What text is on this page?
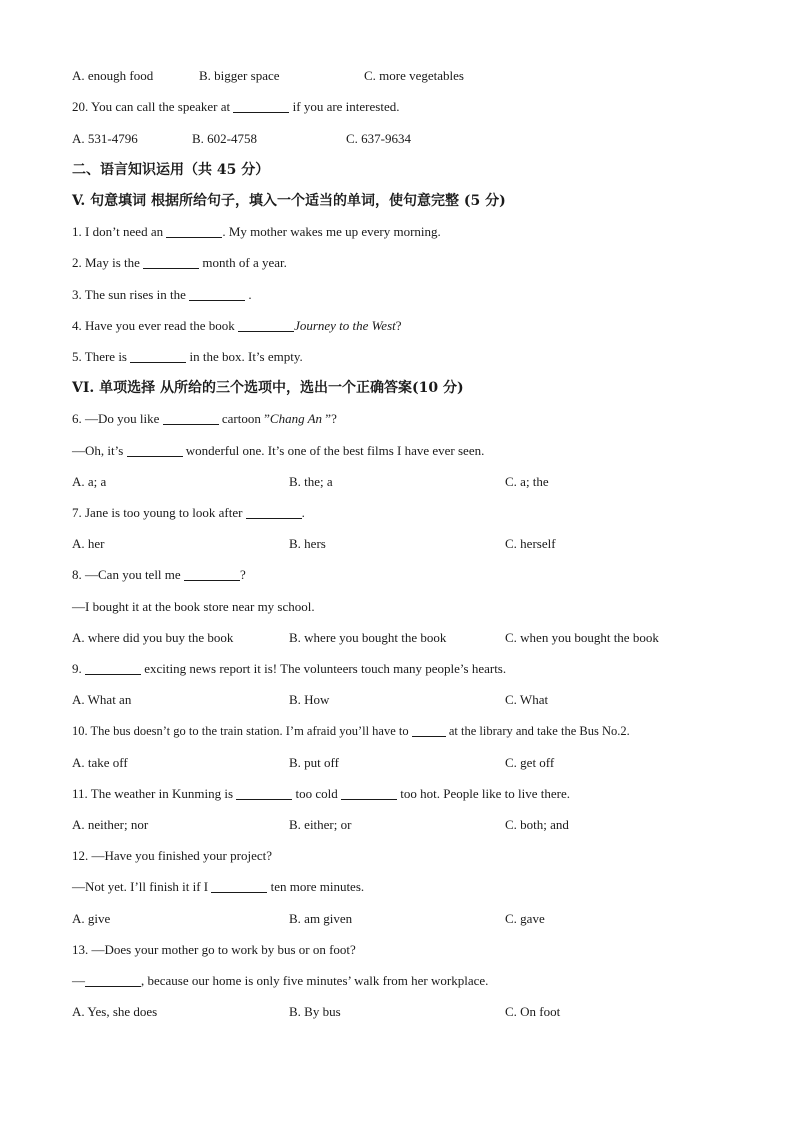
A. enough food	B. bigger space	C. more vegetables
20. You can call the speaker at	if you are interested.
A. 531-4796	B. 602-4758	C. 637-9634
二、语言知识运用（共 45 分）
V. 句意填词 根据所给句子，填入一个适当的单词，使句意完整 (5 分)
1. I don’t need an	. My mother wakes me up every morning.
2. May is the	month of a year.
3. The sun rises in the	.
4. Have you ever read the book	Journey to the West?
5. There is	in the box. It’s empty.
VI. 单项选择 从所给的三个选项中，选出一个正确答案(10 分)
6. —Do you like	cartoon ”Chang An ”?
—Oh, it’s	wonderful one. It’s one of the best films I have ever seen.
A. a; a	B. the; a	C. a; the
7. Jane is too young to look after	.
A. her	B. hers	C. herself
8. —Can you tell me	?
—I bought it at the book store near my school.
A. where did you buy the book	B. where you bought the book	C. when you bought the book
9.	exciting news report it is! The volunteers touch many people’s hearts.
A. What an	B. How	C. What
10. The bus doesn’t go to the train station. I’m afraid you’ll have to	at the library and take the Bus No.2.
A. take off	B. put off	C. get off
11. The weather in Kunming is	too cold	too hot. People like to live there.
A. neither; nor	B. either; or	C. both; and
12. —Have you finished your project?
—Not yet. I’ll finish it if I	ten more minutes.
A. give	B. am given	C. gave
13. —Does your mother go to work by bus or on foot?
—	, because our home is only five minutes’ walk from her workplace.
A. Yes, she does	B. By bus	C. On foot
